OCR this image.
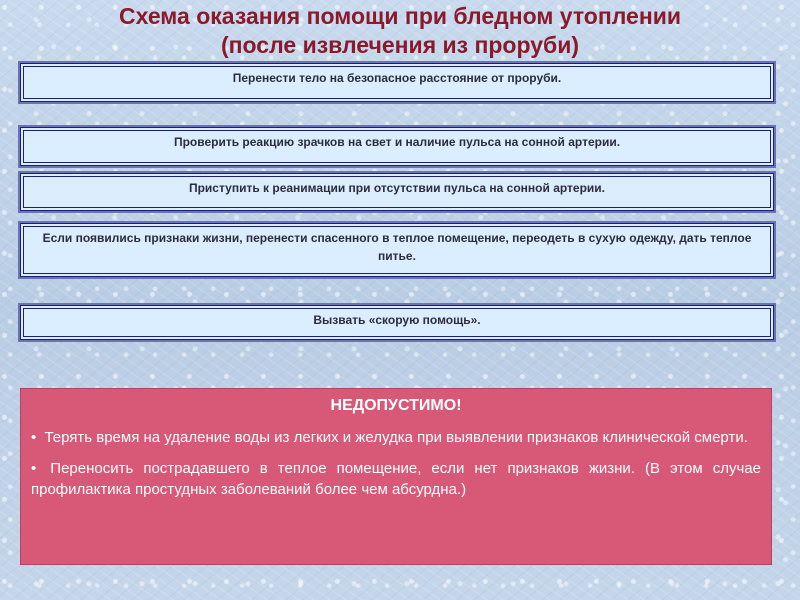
Схема оказания помощи при бледном утоплении
(после извлечения из проруби)
Перенести тело на безопасное расстояние от проруби.
Проверить реакцию зрачков на свет и наличие пульса на сонной артерии.
Приступить к реанимации при отсутствии пульса на сонной артерии.
Если появились признаки жизни, перенести спасенного в теплое помещение, переодеть в сухую одежду, дать теплое питье.
Вызвать «скорую помощь».
НЕДОПУСТИМО!
• Терять время на удаление воды из легких и желудка при выявлении признаков клинической смерти.

• Переносить пострадавшего в теплое помещение, если нет признаков жизни. (В этом случае профилактика простудных заболеваний более чем абсурдна.)
